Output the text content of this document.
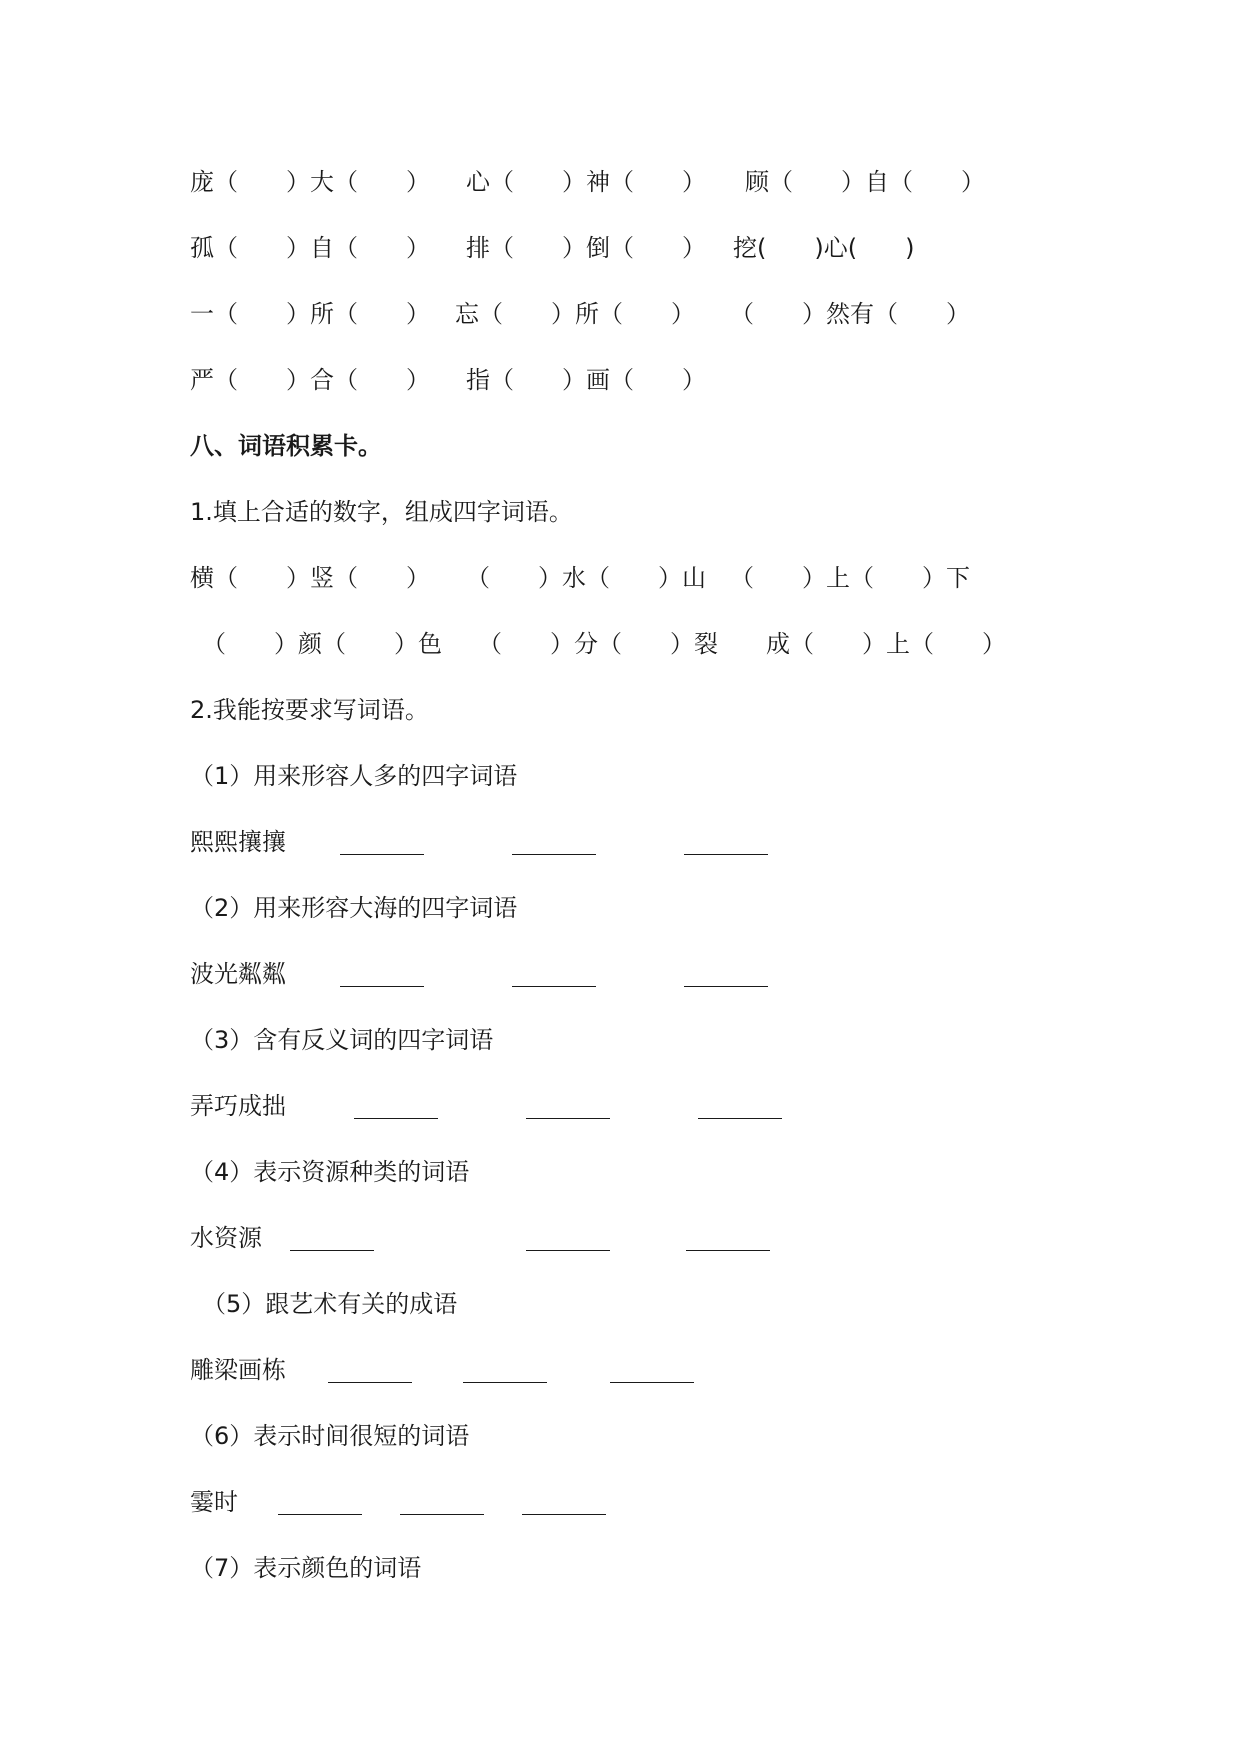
庞（　　）大（　　）

心（　　）神（　　）

顾（　　）自（　　）

孤（　　）自（　　）

排（　　）倒（　　）

挖(　　)心(　　)

一（　　）所（　　）

忘（　　）所（　　）

（　　）然有（　　）

严（　　）合（　　）

指（　　）画（　　）

八、词语积累卡。

1.填上合适的数字，组成四字词语。

横（　　）竖（　　）

（　　）水（　　）山

（　　）上（　　）下

（　　）颜（　　）色

（　　）分（　　）裂

成（　　）上（　　）

2.我能按要求写词语。

（1）用来形容人多的四字词语

熙熙攘攘

（2）用来形容大海的四字词语

波光粼粼

（3）含有反义词的四字词语

弄巧成拙

（4）表示资源种类的词语

水资源

（5）跟艺术有关的成语

雕梁画栋

（6）表示时间很短的词语

霎时

（7）表示颜色的词语
